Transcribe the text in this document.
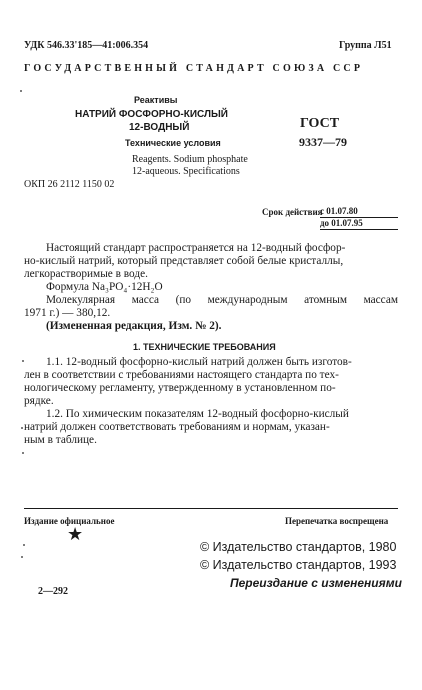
УДК 546.33'185—41:006.354	Группа Л51
ГОСУДАРСТВЕННЫЙ СТАНДАРТ СОЮЗА ССР
Реактивы
НАТРИЙ ФОСФОРНО-КИСЛЫЙ
12-ВОДНЫЙ
Технические условия
ГОСТ
9337—79
Reagents. Sodium phosphate
12-aqueous. Specifications
ОКП 26 2112 1150 02
Срок действия
с 01.07.80
до 01.07.95
Настоящий стандарт распространяется на 12-водный фосфор-
но-кислый натрий, который представляет собой белые кристаллы,
легкорастворимые в воде.
Формула Na₃PO₄·12H₂O
Молекулярная масса (по международным атомным массам
1971 г.) — 380,12.
(Измененная редакция, Изм. № 2).
1. ТЕХНИЧЕСКИЕ ТРЕБОВАНИЯ
1.1. 12-водный фосфорно-кислый натрий должен быть изготов-
лен в соответствии с требованиями настоящего стандарта по тех-
нологическому регламенту, утвержденному в установленном по-
рядке.
1.2. По химическим показателям 12-водный фосфорно-кислый
натрий должен соответствовать требованиям и нормам, указан-
ным в таблице.
Издание официальное	Перепечатка воспрещена
★
© Издательство стандартов, 1980
© Издательство стандартов, 1993
Переиздание с изменениями
2—292
